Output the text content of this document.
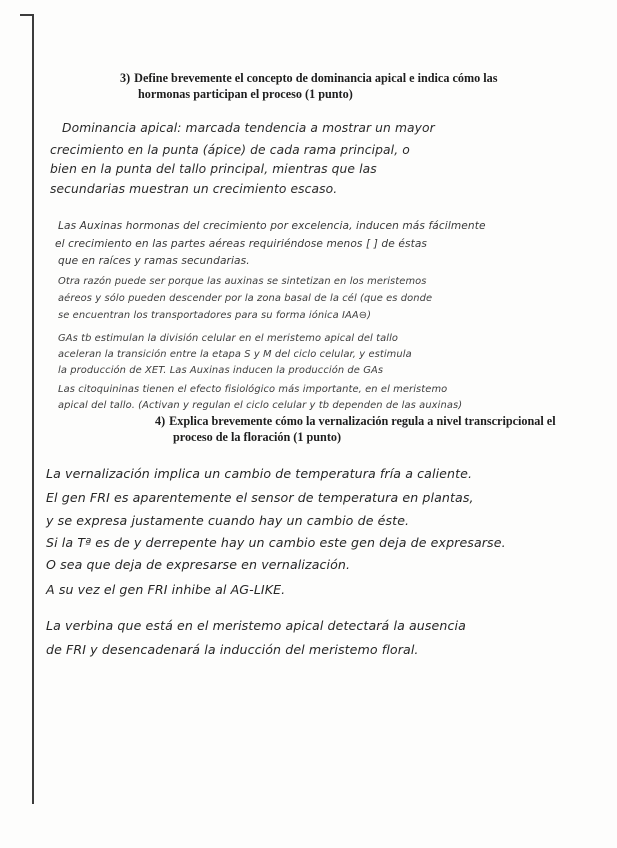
3) Define brevemente el concepto de dominancia apical e indica cómo las
hormonas participan el proceso (1 punto)
Dominancia apical: marcada tendencia a mostrar un mayor
crecimiento en la punta (ápice) de cada rama principal, o
bien en la punta del tallo principal, mientras que las
secundarias muestran un crecimiento escaso.
Las Auxinas hormonas del crecimiento por excelencia, inducen más fácilmente
el crecimiento en las partes aéreas requiriéndose menos [ ] de éstas
que en raíces y ramas secundarias.
Otra razón puede ser porque las auxinas se sintetizan en los meristemos
aéreos y sólo pueden descender por la zona basal de la cél (que es donde
se encuentran los transportadores para su forma iónica IAA⊖)
GAs tb estimulan la división celular en el meristemo apical del tallo
aceleran la transición entre la etapa S y M del ciclo celular, y estimula
la producción de XET. Las Auxinas inducen la producción de GAs
Las citoquininas tienen el efecto fisiológico más importante, en el meristemo
apical del tallo. (Activan y regulan el ciclo celular y tb dependen de las auxinas)
4) Explica brevemente cómo la vernalización regula a nivel transcripcional el
proceso de la floración (1 punto)
La vernalización implica un cambio de temperatura fría a caliente.
El gen FRI es aparentemente el sensor de temperatura en plantas,
y se expresa justamente cuando hay un cambio de éste.
Si la Tª es de y derrepente hay un cambio este gen deja de expresarse.
O sea que deja de expresarse en vernalización.
A su vez el gen FRI inhibe al AG-LIKE.
La verbina que está en el meristemo apical detectará la ausencia
de FRI y desencadenará la inducción del meristemo floral.
